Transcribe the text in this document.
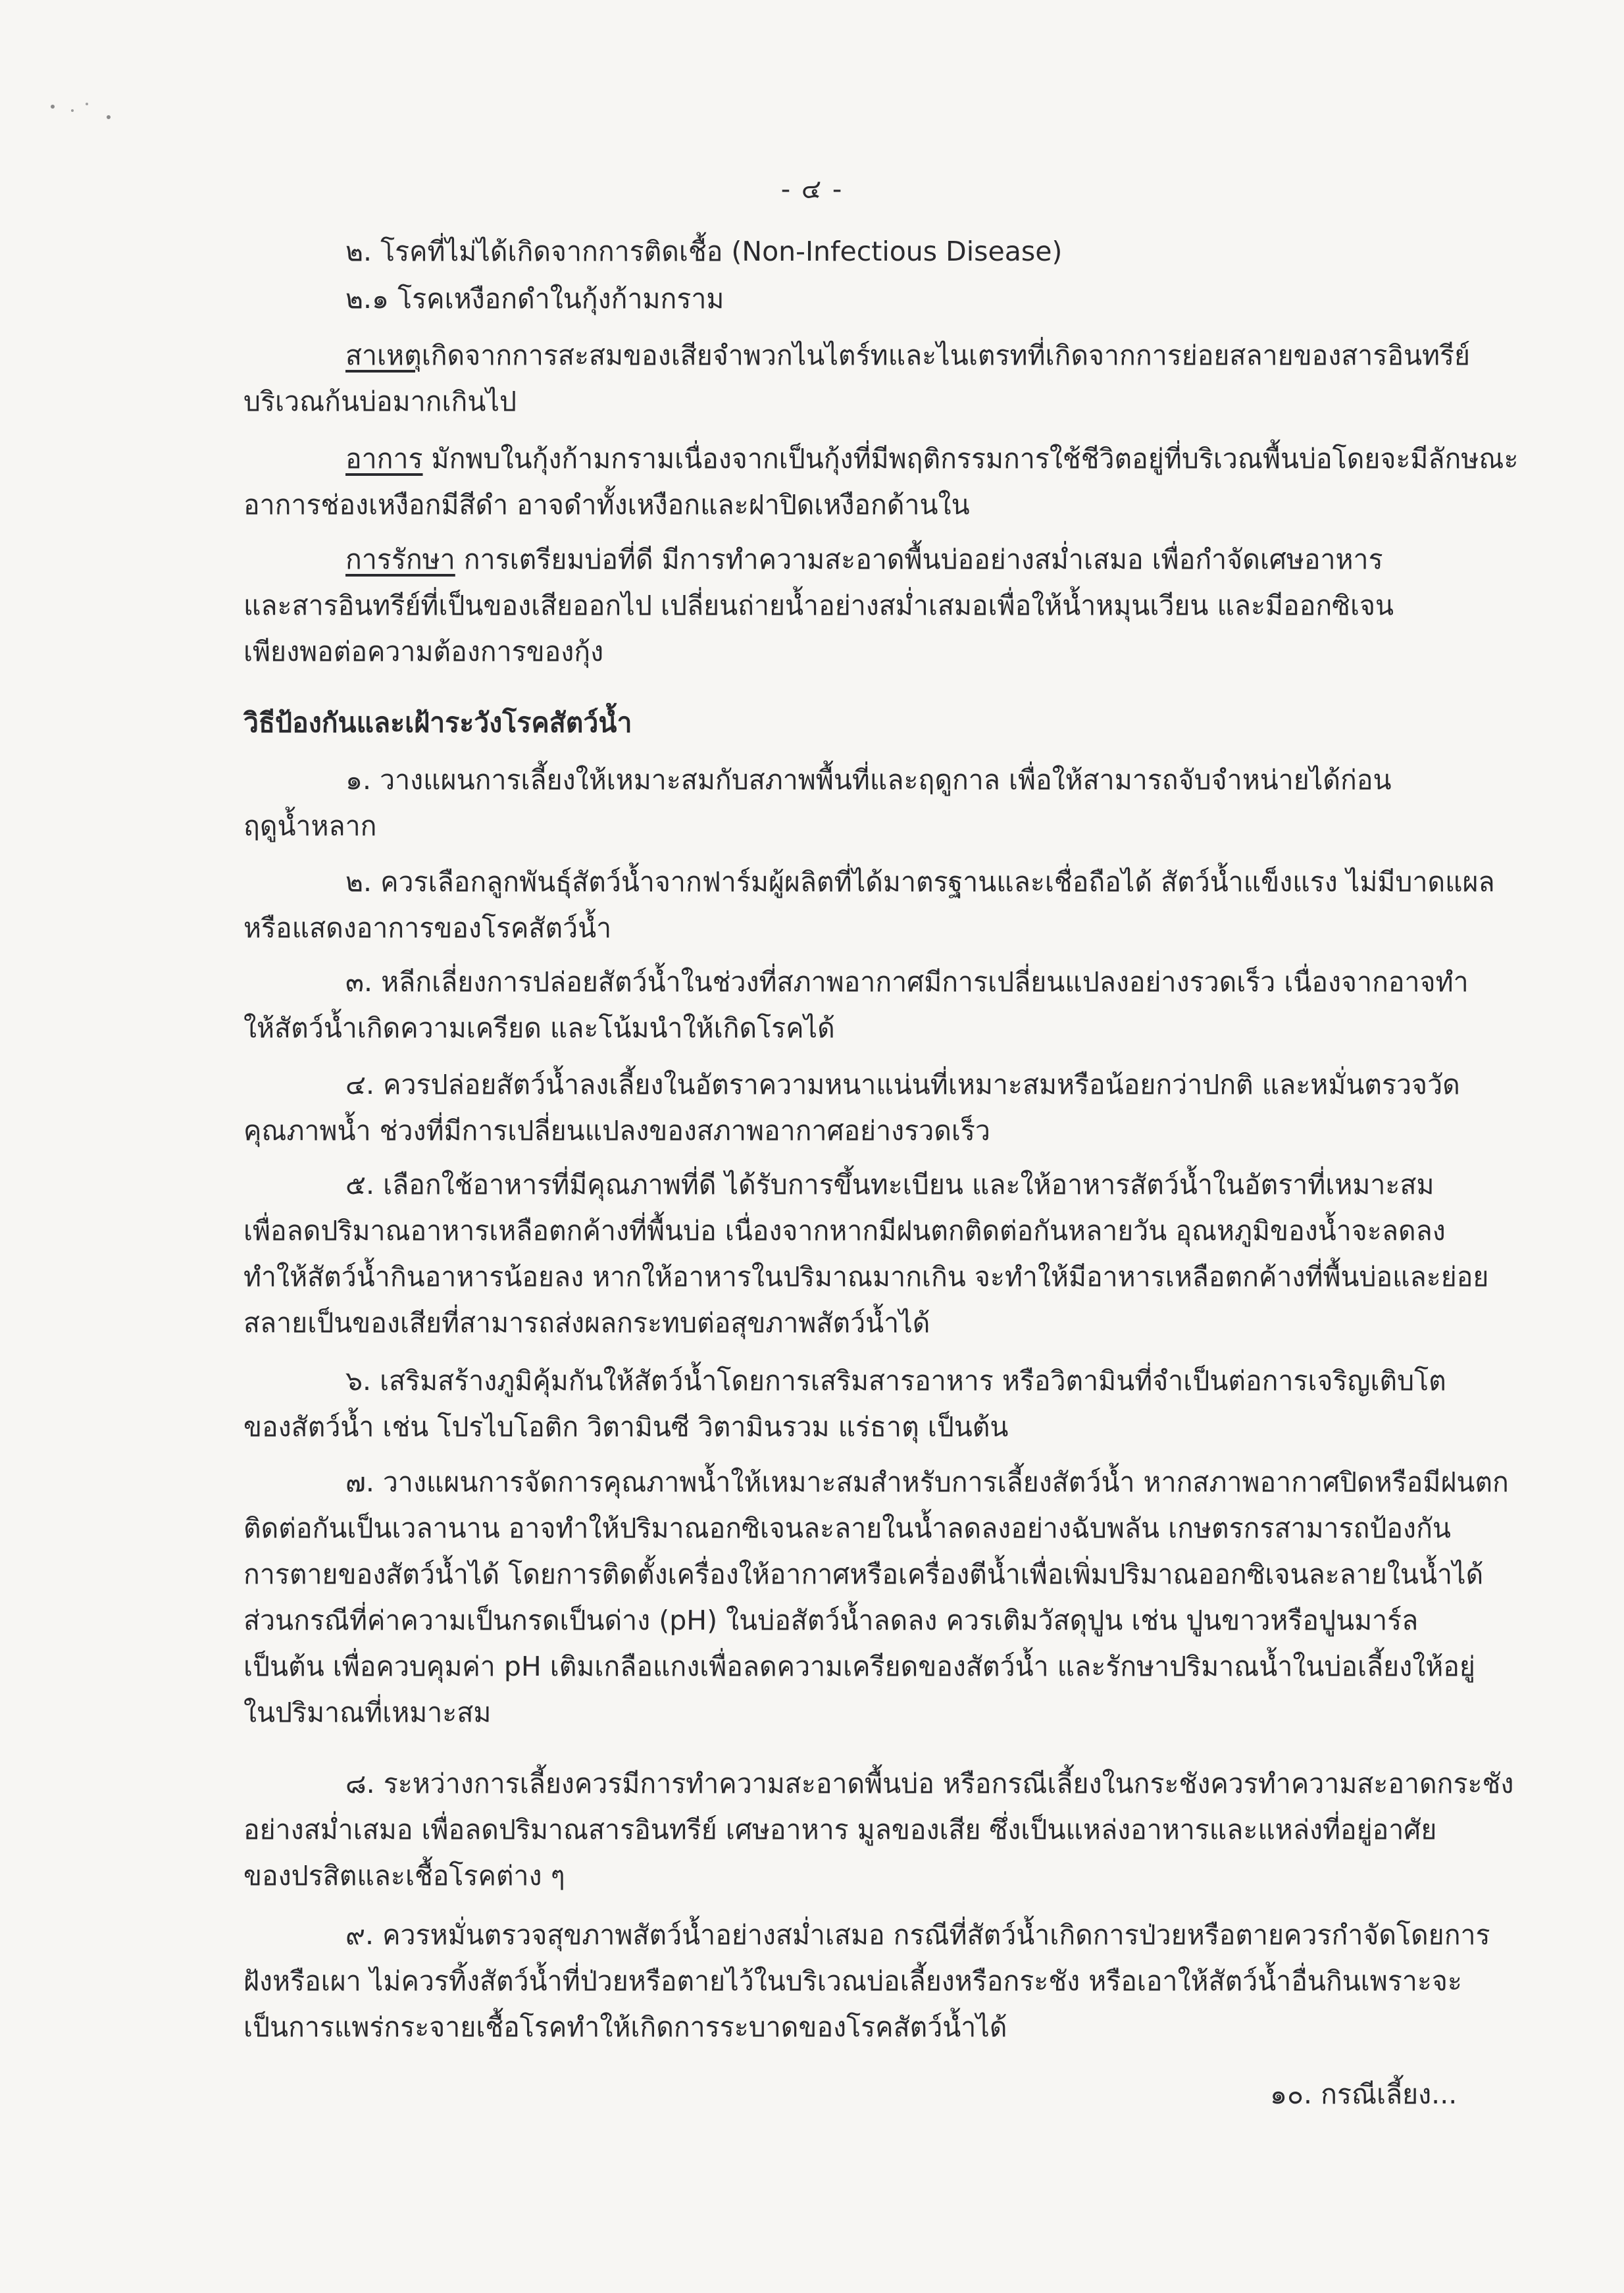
- ๔ -
๒. โรคที่ไม่ได้เกิดจากการติดเชื้อ (Non-Infectious Disease)
๒.๑ โรคเหงือกดำในกุ้งก้ามกราม
สาเหตุเกิดจากการสะสมของเสียจำพวกไนไตร์ทและไนเตรทที่เกิดจากการย่อยสลายของสารอินทรีย์
บริเวณก้นบ่อมากเกินไป
อาการ มักพบในกุ้งก้ามกรามเนื่องจากเป็นกุ้งที่มีพฤติกรรมการใช้ชีวิตอยู่ที่บริเวณพื้นบ่อโดยจะมีลักษณะ
อาการช่องเหงือกมีสีดำ อาจดำทั้งเหงือกและฝาปิดเหงือกด้านใน
การรักษา การเตรียมบ่อที่ดี มีการทำความสะอาดพื้นบ่ออย่างสม่ำเสมอ เพื่อกำจัดเศษอาหาร
และสารอินทรีย์ที่เป็นของเสียออกไป เปลี่ยนถ่ายน้ำอย่างสม่ำเสมอเพื่อให้น้ำหมุนเวียน และมีออกซิเจน
เพียงพอต่อความต้องการของกุ้ง
วิธีป้องกันและเฝ้าระวังโรคสัตว์น้ำ
๑. วางแผนการเลี้ยงให้เหมาะสมกับสภาพพื้นที่และฤดูกาล เพื่อให้สามารถจับจำหน่ายได้ก่อน
ฤดูน้ำหลาก
๒. ควรเลือกลูกพันธุ์สัตว์น้ำจากฟาร์มผู้ผลิตที่ได้มาตรฐานและเชื่อถือได้ สัตว์น้ำแข็งแรง ไม่มีบาดแผล
หรือแสดงอาการของโรคสัตว์น้ำ
๓. หลีกเลี่ยงการปล่อยสัตว์น้ำในช่วงที่สภาพอากาศมีการเปลี่ยนแปลงอย่างรวดเร็ว เนื่องจากอาจทำ
ให้สัตว์น้ำเกิดความเครียด และโน้มนำให้เกิดโรคได้
๔. ควรปล่อยสัตว์น้ำลงเลี้ยงในอัตราความหนาแน่นที่เหมาะสมหรือน้อยกว่าปกติ และหมั่นตรวจวัด
คุณภาพน้ำ ช่วงที่มีการเปลี่ยนแปลงของสภาพอากาศอย่างรวดเร็ว
๕. เลือกใช้อาหารที่มีคุณภาพที่ดี ได้รับการขึ้นทะเบียน และให้อาหารสัตว์น้ำในอัตราที่เหมาะสม
เพื่อลดปริมาณอาหารเหลือตกค้างที่พื้นบ่อ เนื่องจากหากมีฝนตกติดต่อกันหลายวัน อุณหภูมิของน้ำจะลดลง
ทำให้สัตว์น้ำกินอาหารน้อยลง หากให้อาหารในปริมาณมากเกิน จะทำให้มีอาหารเหลือตกค้างที่พื้นบ่อและย่อย
สลายเป็นของเสียที่สามารถส่งผลกระทบต่อสุขภาพสัตว์น้ำได้
๖. เสริมสร้างภูมิคุ้มกันให้สัตว์น้ำโดยการเสริมสารอาหาร หรือวิตามินที่จำเป็นต่อการเจริญเติบโต
ของสัตว์น้ำ เช่น โปรไบโอติก วิตามินซี วิตามินรวม แร่ธาตุ เป็นต้น
๗. วางแผนการจัดการคุณภาพน้ำให้เหมาะสมสำหรับการเลี้ยงสัตว์น้ำ หากสภาพอากาศปิดหรือมีฝนตก
ติดต่อกันเป็นเวลานาน อาจทำให้ปริมาณอกซิเจนละลายในน้ำลดลงอย่างฉับพลัน เกษตรกรสามารถป้องกัน
การตายของสัตว์น้ำได้ โดยการติดตั้งเครื่องให้อากาศหรือเครื่องตีน้ำเพื่อเพิ่มปริมาณออกซิเจนละลายในน้ำได้
ส่วนกรณีที่ค่าความเป็นกรดเป็นด่าง (pH) ในบ่อสัตว์น้ำลดลง ควรเติมวัสดุปูน เช่น ปูนขาวหรือปูนมาร์ล
เป็นต้น เพื่อควบคุมค่า pH เติมเกลือแกงเพื่อลดความเครียดของสัตว์น้ำ และรักษาปริมาณน้ำในบ่อเลี้ยงให้อยู่
ในปริมาณที่เหมาะสม
๘. ระหว่างการเลี้ยงควรมีการทำความสะอาดพื้นบ่อ หรือกรณีเลี้ยงในกระชังควรทำความสะอาดกระชัง
อย่างสม่ำเสมอ เพื่อลดปริมาณสารอินทรีย์ เศษอาหาร มูลของเสีย ซึ่งเป็นแหล่งอาหารและแหล่งที่อยู่อาศัย
ของปรสิตและเชื้อโรคต่าง ๆ
๙. ควรหมั่นตรวจสุขภาพสัตว์น้ำอย่างสม่ำเสมอ กรณีที่สัตว์น้ำเกิดการป่วยหรือตายควรกำจัดโดยการ
ฝังหรือเผา ไม่ควรทิ้งสัตว์น้ำที่ป่วยหรือตายไว้ในบริเวณบ่อเลี้ยงหรือกระชัง หรือเอาให้สัตว์น้ำอื่นกินเพราะจะ
เป็นการแพร่กระจายเชื้อโรคทำให้เกิดการระบาดของโรคสัตว์น้ำได้
๑๐. กรณีเลี้ยง...
